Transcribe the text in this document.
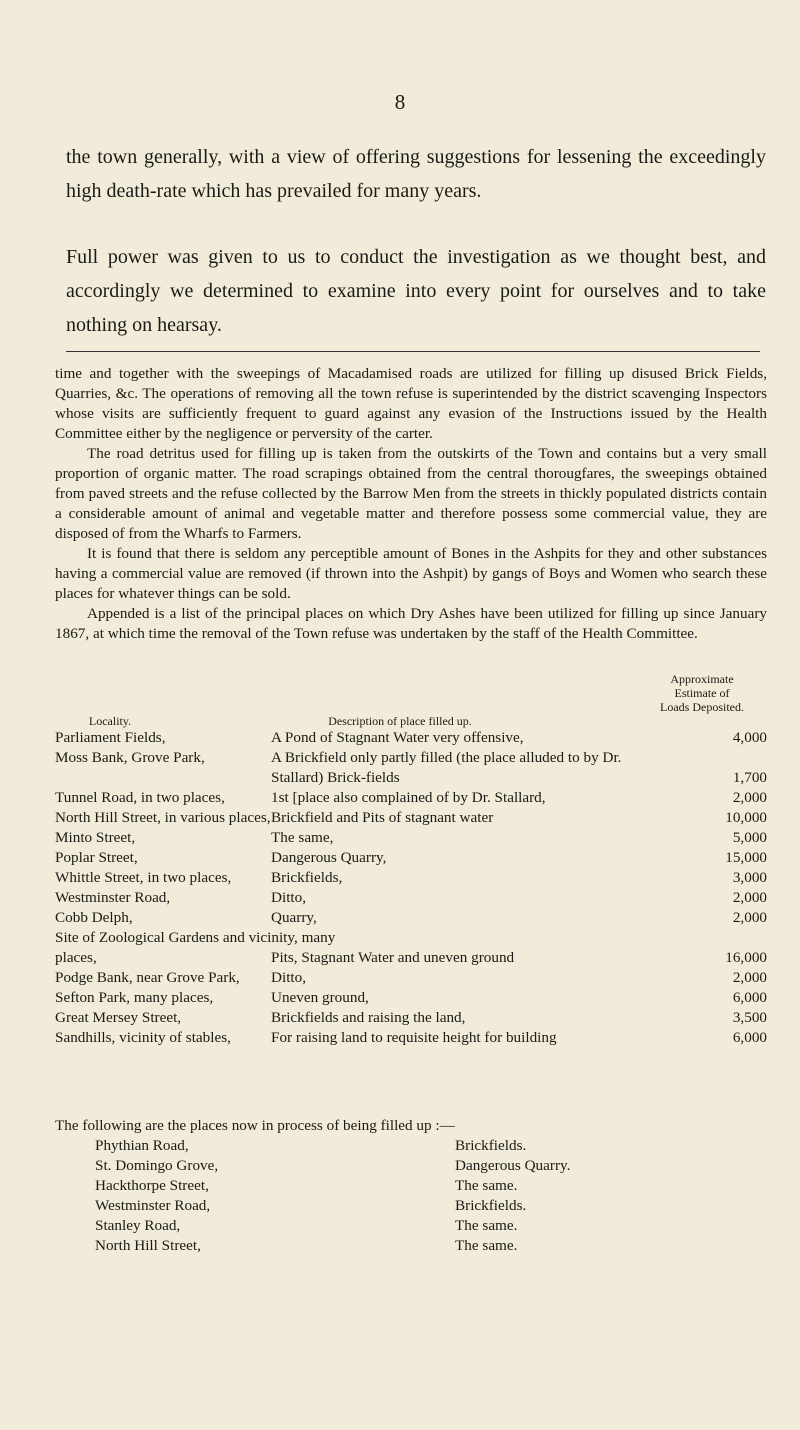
8

the town generally, with a view of offering suggestions for lessening the exceedingly high death-rate which has prevailed for many years.

Full power was given to us to conduct the investigation as we thought best, and accordingly we determined to examine into every point for ourselves and to take nothing on hearsay.

time and together with the sweepings of Macadamised roads are utilized for filling up disused Brick Fields, Quarries, &c. The operations of removing all the town refuse is superintended by the district scavenging Inspectors whose visits are sufficiently frequent to guard against any evasion of the Instructions issued by the Health Committee either by the negligence or perversity of the carter.

The road detritus used for filling up is taken from the outskirts of the Town and contains but a very small proportion of organic matter. The road scrapings obtained from the central thorougfares, the sweepings obtained from paved streets and the refuse collected by the Barrow Men from the streets in thickly populated districts contain a considerable amount of animal and vegetable matter and therefore possess some commercial value, they are disposed of from the Wharfs to Farmers.

It is found that there is seldom any perceptible amount of Bones in the Ashpits for they and other substances having a commercial value are removed (if thrown into the Ashpit) by gangs of Boys and Women who search these places for whatever things can be sold.

Appended is a list of the principal places on which Dry Ashes have been utilized for filling up since January 1867, at which time the removal of the Town refuse was undertaken by the staff of the Health Committee.

Locality.	Description of place filled up.
Approximate
Estimate of
Loads Deposited.
Parliament Fields,	A Pond of Stagnant Water very offensive,	4,000
Moss Bank, Grove Park,	A Brickfield only partly filled (the place alluded to by Dr. Stallard) Brick-fields	1,700
Tunnel Road, in two places,	1st [place also complained of by Dr. Stallard,	2,000
North Hill Street, in various places, Brickfield and Pits of stagnant water	10,000
Minto Street,	The same,	5,000
Poplar Street,	Dangerous Quarry,	15,000
Whittle Street, in two places,	Brickfields,	3,000
Westminster Road,	Ditto,	2,000
Cobb Delph,	Quarry,	2,000
Site of Zoological Gardens and vicinity, many places,	Pits, Stagnant Water and uneven ground	16,000
Podge Bank, near Grove Park,	Ditto,	2,000
Sefton Park, many places,	Uneven ground,	6,000
Great Mersey Street,	Brickfields and raising the land,	3,500
Sandhills, vicinity of stables,	For raising land to requisite height for building	6,000

The following are the places now in process of being filled up :—

Phythian Road,	Brickfields.
St. Domingo Grove,	Dangerous Quarry.
Hackthorpe Street,	The same.
Westminster Road,	Brickfields.
Stanley Road,	The same.
North Hill Street,	The same.
